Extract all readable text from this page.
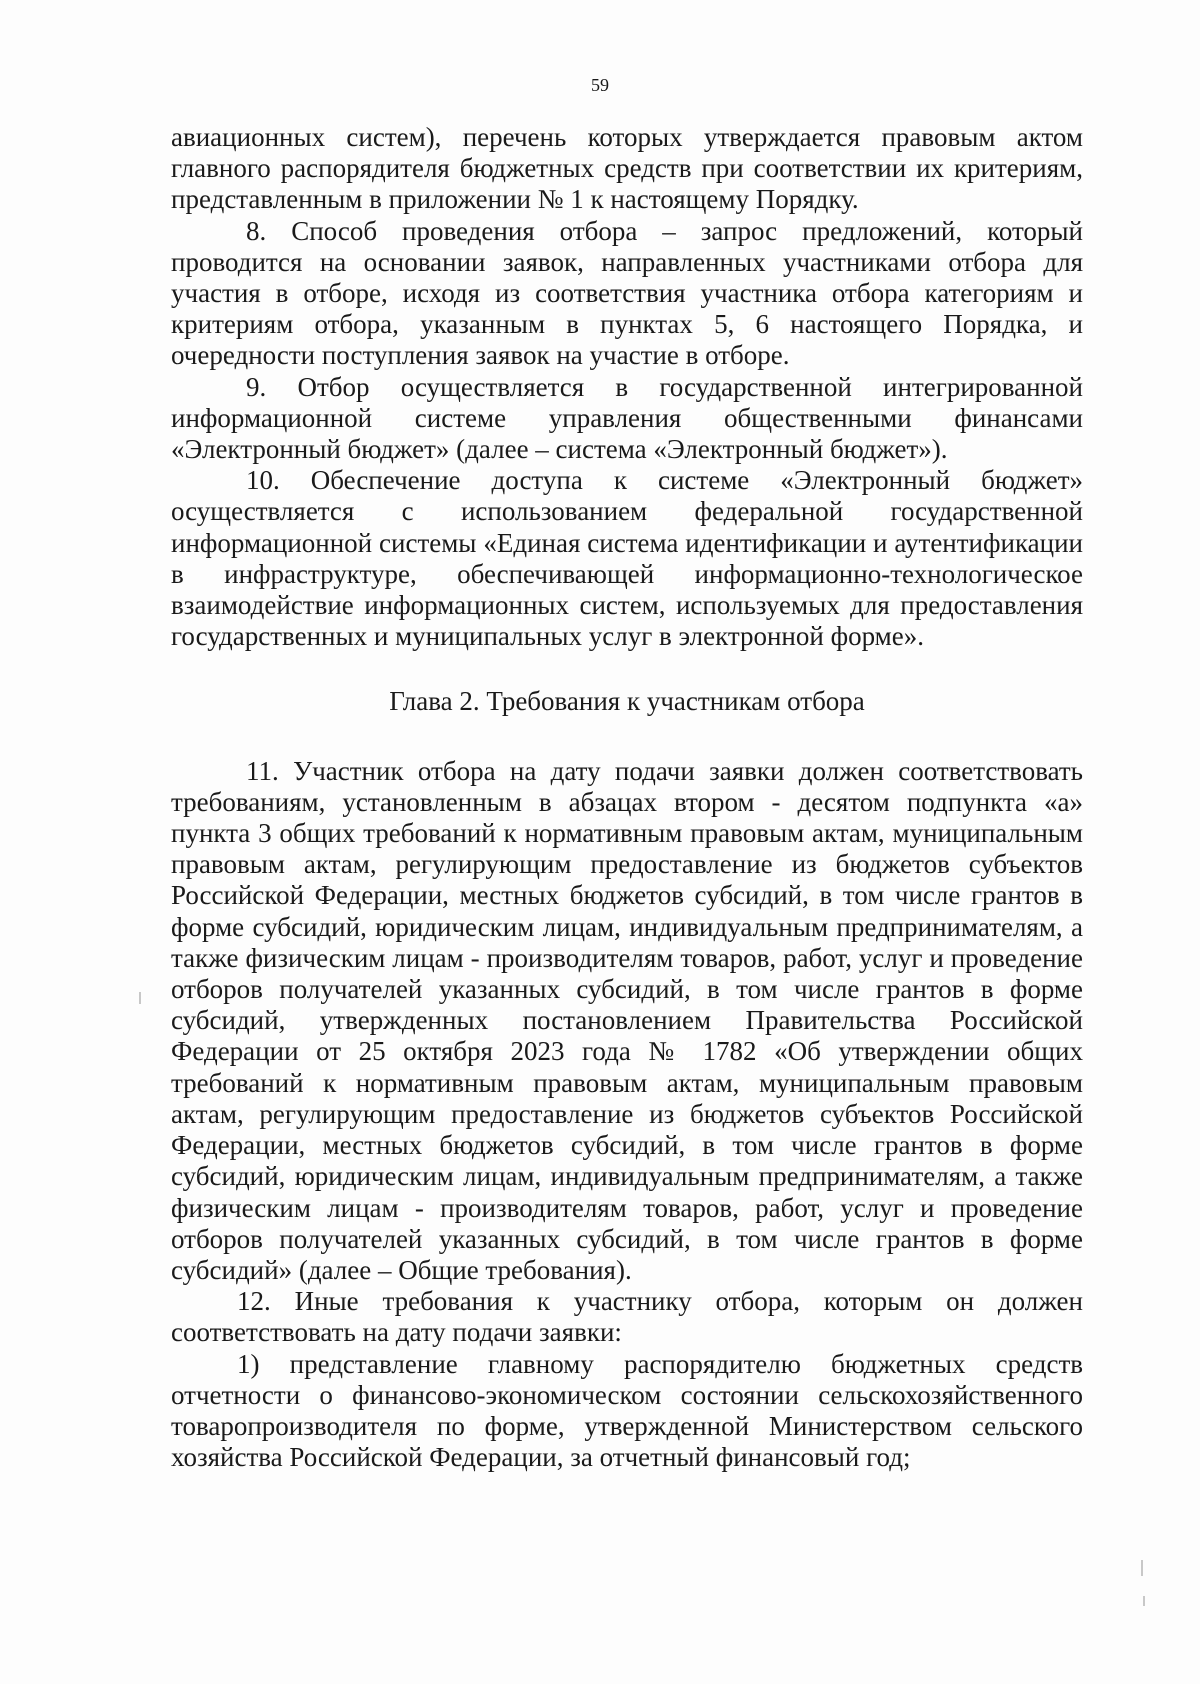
59

авиационных систем), перечень которых утверждается правовым актом главного распорядителя бюджетных средств при соответствии их критериям, представленным в приложении № 1 к настоящему Порядку.

8. Способ проведения отбора – запрос предложений, который проводится на основании заявок, направленных участниками отбора для участия в отборе, исходя из соответствия участника отбора категориям и критериям отбора, указанным в пунктах 5, 6 настоящего Порядка, и очередности поступления заявок на участие в отборе.

9. Отбор осуществляется в государственной интегрированной информационной системе управления общественными финансами «Электронный бюджет» (далее – система «Электронный бюджет»).

10. Обеспечение доступа к системе «Электронный бюджет» осуществляется с использованием федеральной государственной информационной системы «Единая система идентификации и аутентификации в инфраструктуре, обеспечивающей информационно-технологическое взаимодействие информационных систем, используемых для предоставления государственных и муниципальных услуг в электронной форме».

Глава 2. Требования к участникам отбора

11. Участник отбора на дату подачи заявки должен соответствовать требованиям, установленным в абзацах втором - десятом подпункта «а» пункта 3 общих требований к нормативным правовым актам, муниципальным правовым актам, регулирующим предоставление из бюджетов субъектов Российской Федерации, местных бюджетов субсидий, в том числе грантов в форме субсидий, юридическим лицам, индивидуальным предпринимателям, а также физическим лицам - производителям товаров, работ, услуг и проведение отборов получателей указанных субсидий, в том числе грантов в форме субсидий, утвержденных постановлением Правительства Российской Федерации от 25 октября 2023 года № 1782 «Об утверждении общих требований к нормативным правовым актам, муниципальным правовым актам, регулирующим предоставление из бюджетов субъектов Российской Федерации, местных бюджетов субсидий, в том числе грантов в форме субсидий, юридическим лицам, индивидуальным предпринимателям, а также физическим лицам - производителям товаров, работ, услуг и проведение отборов получателей указанных субсидий, в том числе грантов в форме субсидий» (далее – Общие требования).

12. Иные требования к участнику отбора, которым он должен соответствовать на дату подачи заявки:

1) представление главному распорядителю бюджетных средств отчетности о финансово-экономическом состоянии сельскохозяйственного товаропроизводителя по форме, утвержденной Министерством сельского хозяйства Российской Федерации, за отчетный финансовый год;
